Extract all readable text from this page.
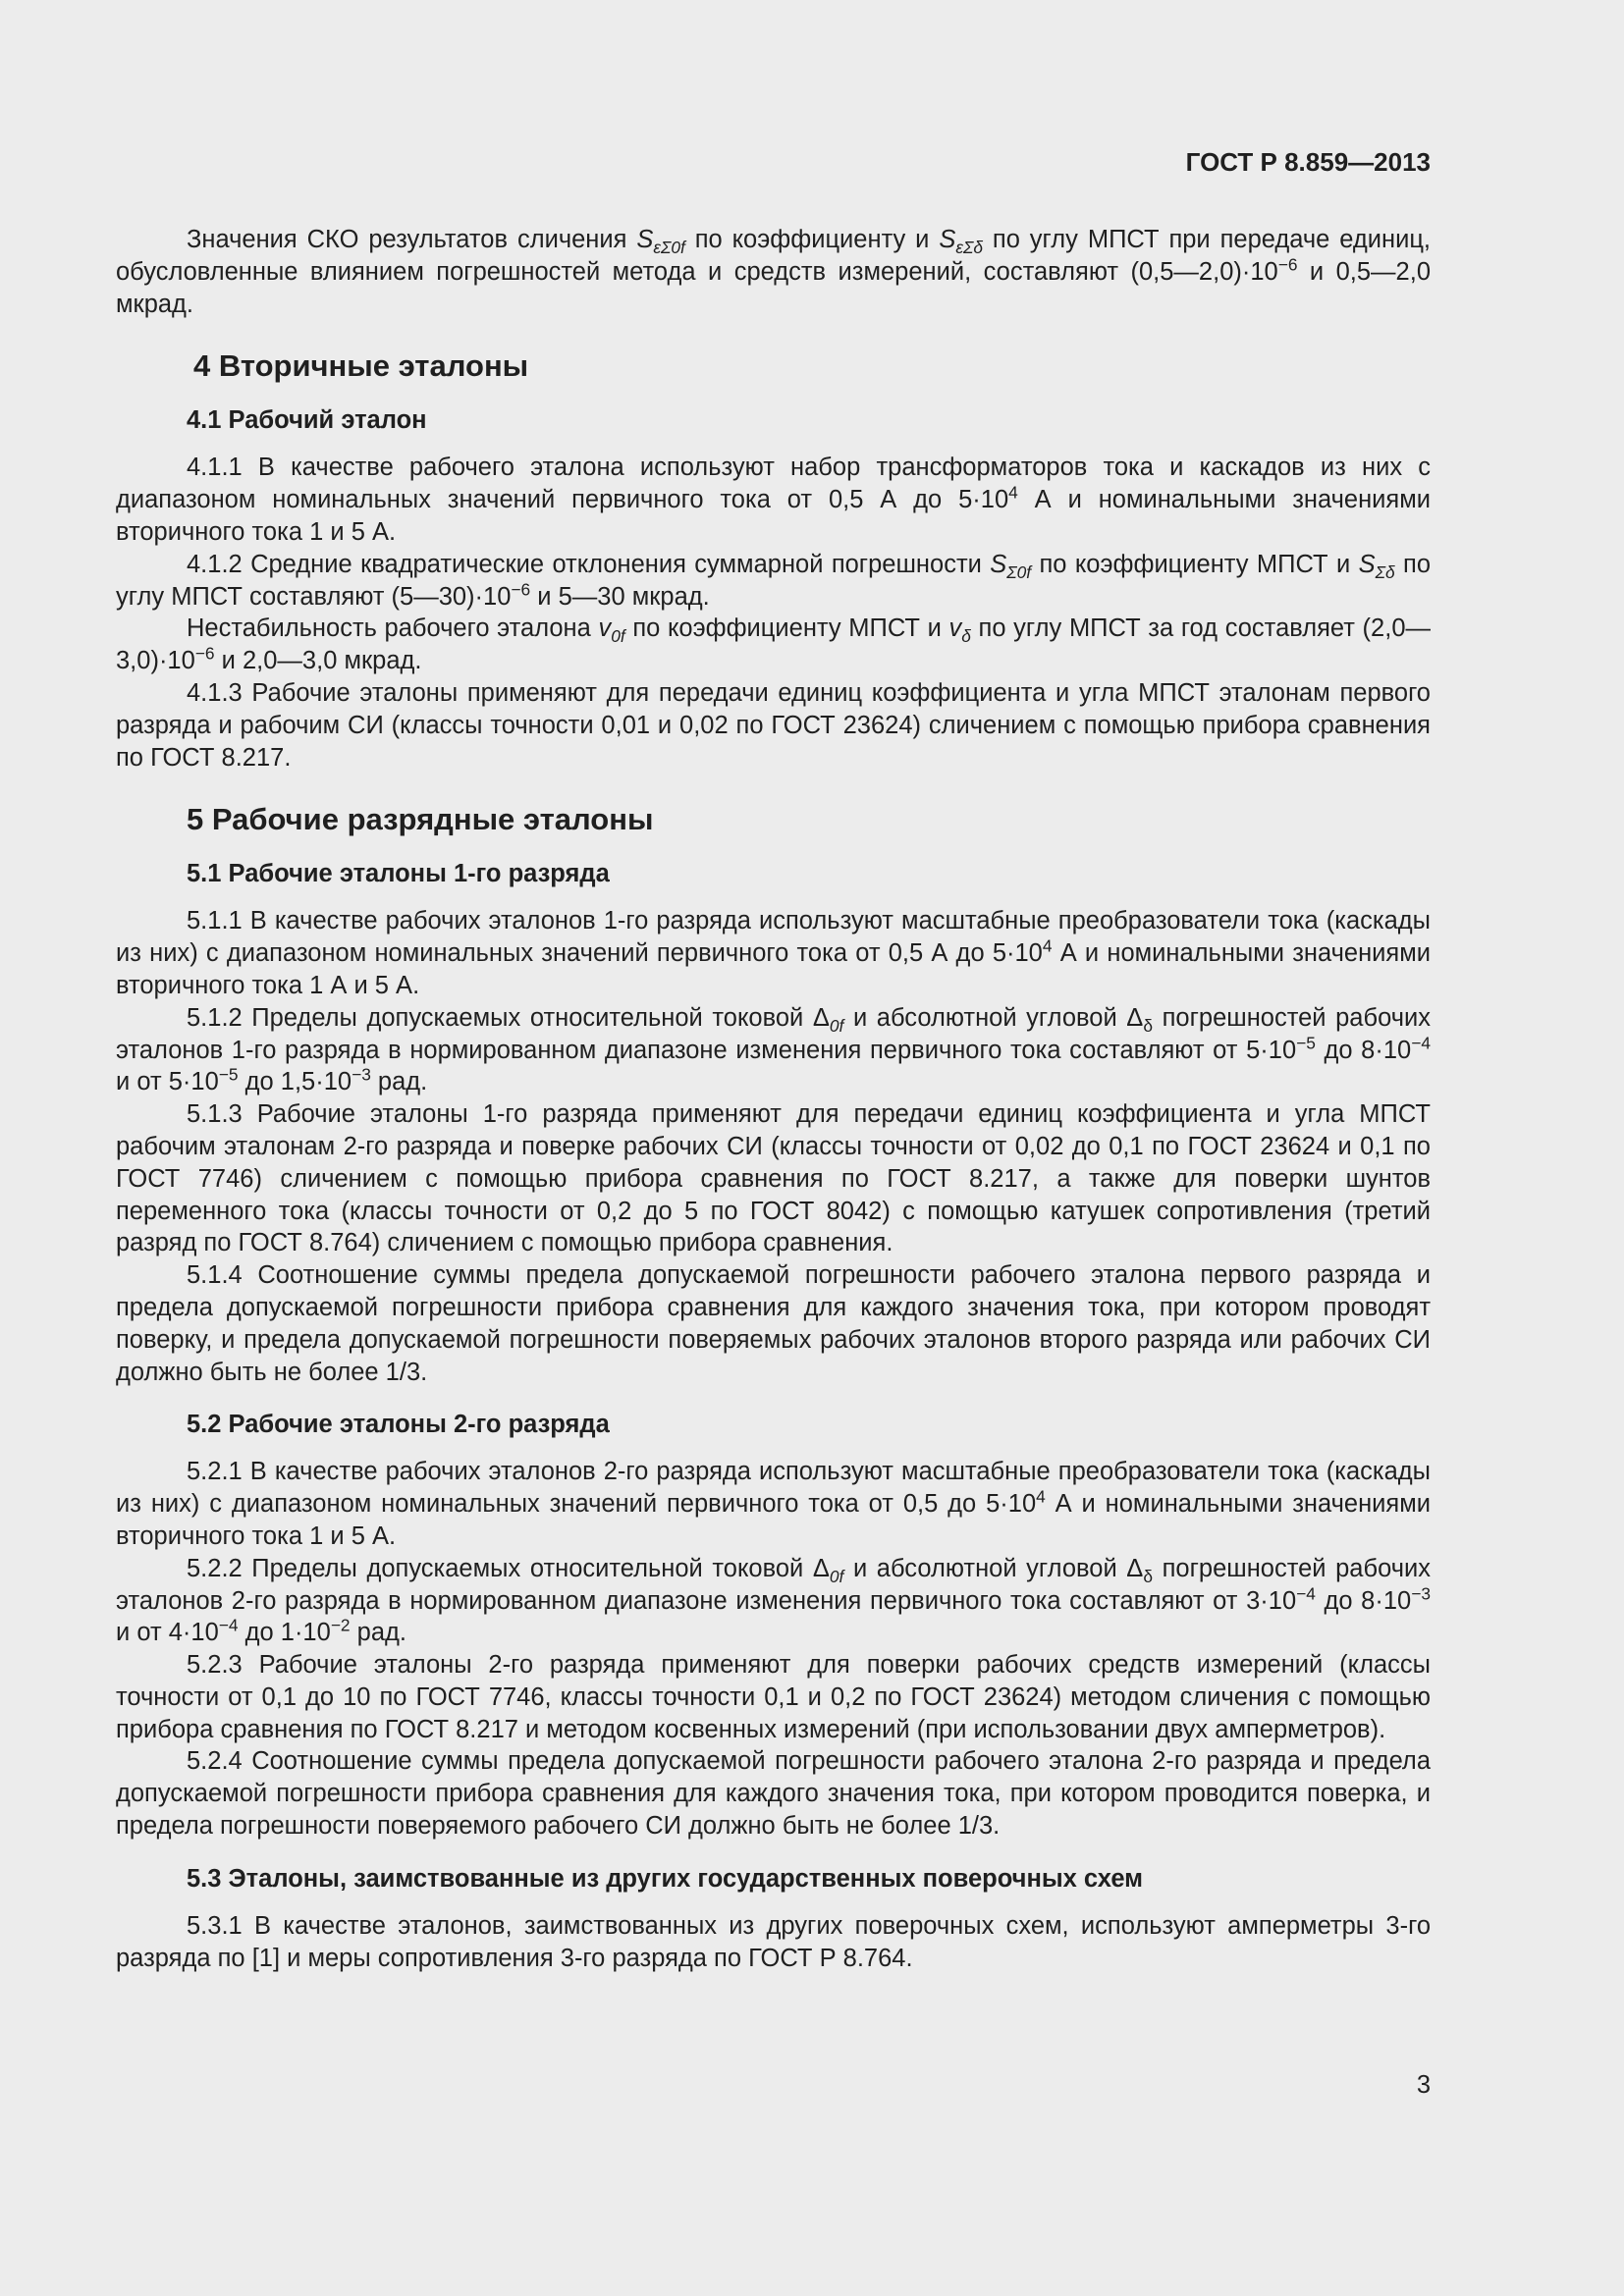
ГОСТ Р 8.859—2013

Значения СКО результатов сличения $S_{\varepsilon\Sigma 0f}$ по коэффициенту и $S_{\varepsilon\Sigma\delta}$ по углу МПСТ при передаче единиц, обусловленные влиянием погрешностей метода и средств измерений, составляют $(0,5—2,0)\cdot 10^{-6}$ и 0,5—2,0 мкрад.

4 Вторичные эталоны
4.1 Рабочий эталон

4.1.1 В качестве рабочего эталона используют набор трансформаторов тока и каскадов из них с диапазоном номинальных значений первичного тока от 0,5 А до $5\cdot 10^4$ А и номинальными значениями вторичного тока 1 и 5 А.

4.1.2 Средние квадратические отклонения суммарной погрешности $S_{\Sigma 0f}$ по коэффициенту МПСТ и $S_{\Sigma\delta}$ по углу МПСТ составляют $(5—30)\cdot 10^{-6}$ и 5—30 мкрад.

Нестабильность рабочего эталона $v_{0f}$ по коэффициенту МПСТ и $v_\delta$ по углу МПСТ за год составляет $(2,0—3,0)\cdot 10^{-6}$ и 2,0—3,0 мкрад.

4.1.3 Рабочие эталоны применяют для передачи единиц коэффициента и угла МПСТ эталонам первого разряда и рабочим СИ (классы точности 0,01 и 0,02 по ГОСТ 23624) сличением с помощью прибора сравнения по ГОСТ 8.217.

5 Рабочие разрядные эталоны
5.1 Рабочие эталоны 1-го разряда

5.1.1 В качестве рабочих эталонов 1-го разряда используют масштабные преобразователи тока (каскады из них) с диапазоном номинальных значений первичного тока от 0,5 А до $5\cdot 10^4$ А и номинальными значениями вторичного тока 1 А и 5 А.

5.1.2 Пределы допускаемых относительной токовой $\Delta_{0f}$ и абсолютной угловой $\Delta_\delta$ погрешностей рабочих эталонов 1-го разряда в нормированном диапазоне изменения первичного тока составляют от $5\cdot 10^{-5}$ до $8\cdot 10^{-4}$ и от $5\cdot 10^{-5}$ до $1,5\cdot 10^{-3}$ рад.

5.1.3 Рабочие эталоны 1-го разряда применяют для передачи единиц коэффициента и угла МПСТ рабочим эталонам 2-го разряда и поверке рабочих СИ (классы точности от 0,02 до 0,1 по ГОСТ 23624 и 0,1 по ГОСТ 7746) сличением с помощью прибора сравнения по ГОСТ 8.217, а также для поверки шунтов переменного тока (классы точности от 0,2 до 5 по ГОСТ 8042) с помощью катушек сопротивления (третий разряд по ГОСТ 8.764) сличением с помощью прибора сравнения.

5.1.4 Соотношение суммы предела допускаемой погрешности рабочего эталона первого разряда и предела допускаемой погрешности прибора сравнения для каждого значения тока, при котором проводят поверку, и предела допускаемой погрешности поверяемых рабочих эталонов второго разряда или рабочих СИ должно быть не более 1/3.

5.2 Рабочие эталоны 2-го разряда

5.2.1 В качестве рабочих эталонов 2-го разряда используют масштабные преобразователи тока (каскады из них) с диапазоном номинальных значений первичного тока от 0,5 до $5\cdot 10^4$ А и номинальными значениями вторичного тока 1 и 5 А.

5.2.2 Пределы допускаемых относительной токовой $\Delta_{0f}$ и абсолютной угловой $\Delta_\delta$ погрешностей рабочих эталонов 2-го разряда в нормированном диапазоне изменения первичного тока составляют от $3\cdot 10^{-4}$ до $8\cdot 10^{-3}$ и от $4\cdot 10^{-4}$ до $1\cdot 10^{-2}$ рад.

5.2.3 Рабочие эталоны 2-го разряда применяют для поверки рабочих средств измерений (классы точности от 0,1 до 10 по ГОСТ 7746, классы точности 0,1 и 0,2 по ГОСТ 23624) методом сличения с помощью прибора сравнения по ГОСТ 8.217 и методом косвенных измерений (при использовании двух амперметров).

5.2.4 Соотношение суммы предела допускаемой погрешности рабочего эталона 2-го разряда и предела допускаемой погрешности прибора сравнения для каждого значения тока, при котором проводится поверка, и предела погрешности поверяемого рабочего СИ должно быть не более 1/3.

5.3 Эталоны, заимствованные из других государственных поверочных схем

5.3.1 В качестве эталонов, заимствованных из других поверочных схем, используют амперметры 3-го разряда по [1] и меры сопротивления 3-го разряда по ГОСТ Р 8.764.

3
